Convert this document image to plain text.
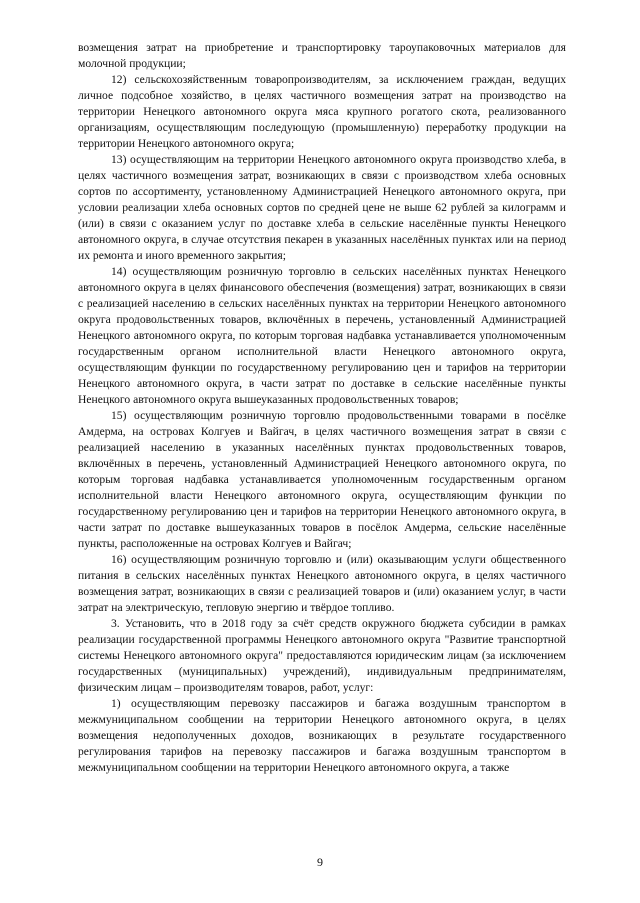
возмещения затрат на приобретение и транспортировку тароупаковочных материалов для молочной продукции;

12) сельскохозяйственным товаропроизводителям, за исключением граждан, ведущих личное подсобное хозяйство, в целях частичного возмещения затрат на производство на территории Ненецкого автономного округа мяса крупного рогатого скота, реализованного организациям, осуществляющим последующую (промышленную) переработку продукции на территории Ненецкого автономного округа;

13) осуществляющим на территории Ненецкого автономного округа производство хлеба, в целях частичного возмещения затрат, возникающих в связи с производством хлеба основных сортов по ассортименту, установленному Администрацией Ненецкого автономного округа, при условии реализации хлеба основных сортов по средней цене не выше 62 рублей за килограмм и (или) в связи с оказанием услуг по доставке хлеба в сельские населённые пункты Ненецкого автономного округа, в случае отсутствия пекарен в указанных населённых пунктах или на период их ремонта и иного временного закрытия;

14) осуществляющим розничную торговлю в сельских населённых пунктах Ненецкого автономного округа в целях финансового обеспечения (возмещения) затрат, возникающих в связи с реализацией населению в сельских населённых пунктах на территории Ненецкого автономного округа продовольственных товаров, включённых в перечень, установленный Администрацией Ненецкого автономного округа, по которым торговая надбавка устанавливается уполномоченным государственным органом исполнительной власти Ненецкого автономного округа, осуществляющим функции по государственному регулированию цен и тарифов на территории Ненецкого автономного округа, в части затрат по доставке в сельские населённые пункты Ненецкого автономного округа вышеуказанных продовольственных товаров;

15) осуществляющим розничную торговлю продовольственными товарами в посёлке Амдерма, на островах Колгуев и Вайгач, в целях частичного возмещения затрат в связи с реализацией населению в указанных населённых пунктах продовольственных товаров, включённых в перечень, установленный Администрацией Ненецкого автономного округа, по которым торговая надбавка устанавливается уполномоченным государственным органом исполнительной власти Ненецкого автономного округа, осуществляющим функции по государственному регулированию цен и тарифов на территории Ненецкого автономного округа, в части затрат по доставке вышеуказанных товаров в посёлок Амдерма, сельские населённые пункты, расположенные на островах Колгуев и Вайгач;

16) осуществляющим розничную торговлю и (или) оказывающим услуги общественного питания в сельских населённых пунктах Ненецкого автономного округа, в целях частичного возмещения затрат, возникающих в связи с реализацией товаров и (или) оказанием услуг, в части затрат на электрическую, тепловую энергию и твёрдое топливо.

3. Установить, что в 2018 году за счёт средств окружного бюджета субсидии в рамках реализации государственной программы Ненецкого автономного округа "Развитие транспортной системы Ненецкого автономного округа" предоставляются юридическим лицам (за исключением государственных (муниципальных) учреждений), индивидуальным предпринимателям, физическим лицам – производителям товаров, работ, услуг:

1) осуществляющим перевозку пассажиров и багажа воздушным транспортом в межмуниципальном сообщении на территории Ненецкого автономного округа, в целях возмещения недополученных доходов, возникающих в результате государственного регулирования тарифов на перевозку пассажиров и багажа воздушным транспортом в межмуниципальном сообщении на территории Ненецкого автономного округа, а также

9
